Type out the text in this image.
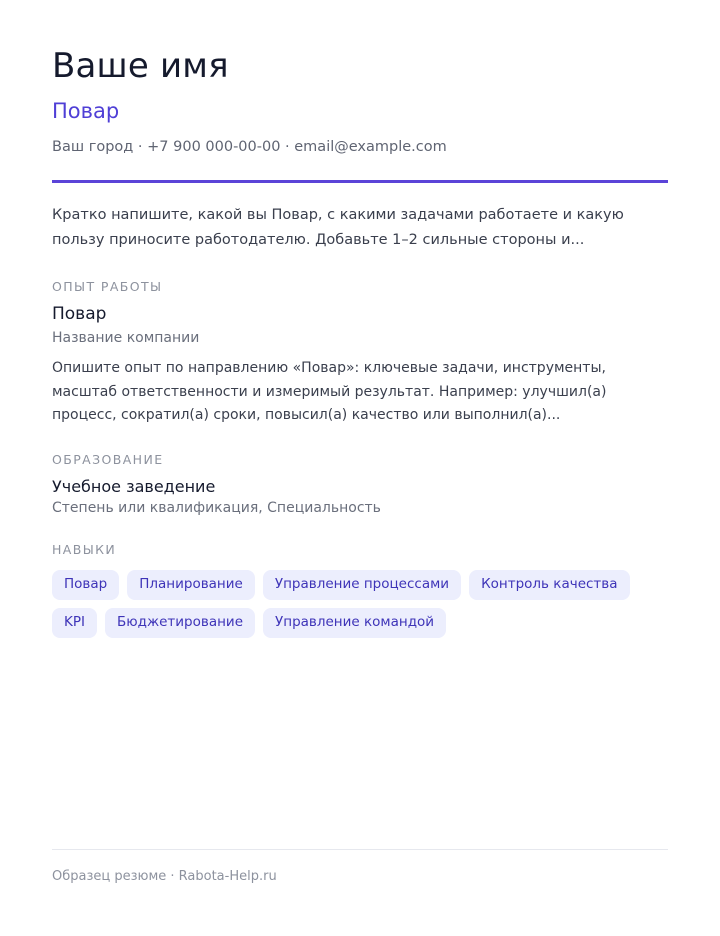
Ваше имя
Повар
Ваш город · +7 900 000-00-00 · email@example.com
Кратко напишите, какой вы Повар, с какими задачами работаете и какую пользу приносите работодателю. Добавьте 1–2 сильные стороны и...
ОПЫТ РАБОТЫ
Повар
Название компании
Опишите опыт по направлению «Повар»: ключевые задачи, инструменты, масштаб ответственности и измеримый результат. Например: улучшил(а) процесс, сократил(а) сроки, повысил(а) качество или выполнил(а)...
ОБРАЗОВАНИЕ
Учебное заведение
Степень или квалификация, Специальность
НАВЫКИ
Повар	Планирование	Управление процессами	Контроль качества
KPI	Бюджетирование	Управление командой
Образец резюме · Rabota-Help.ru
